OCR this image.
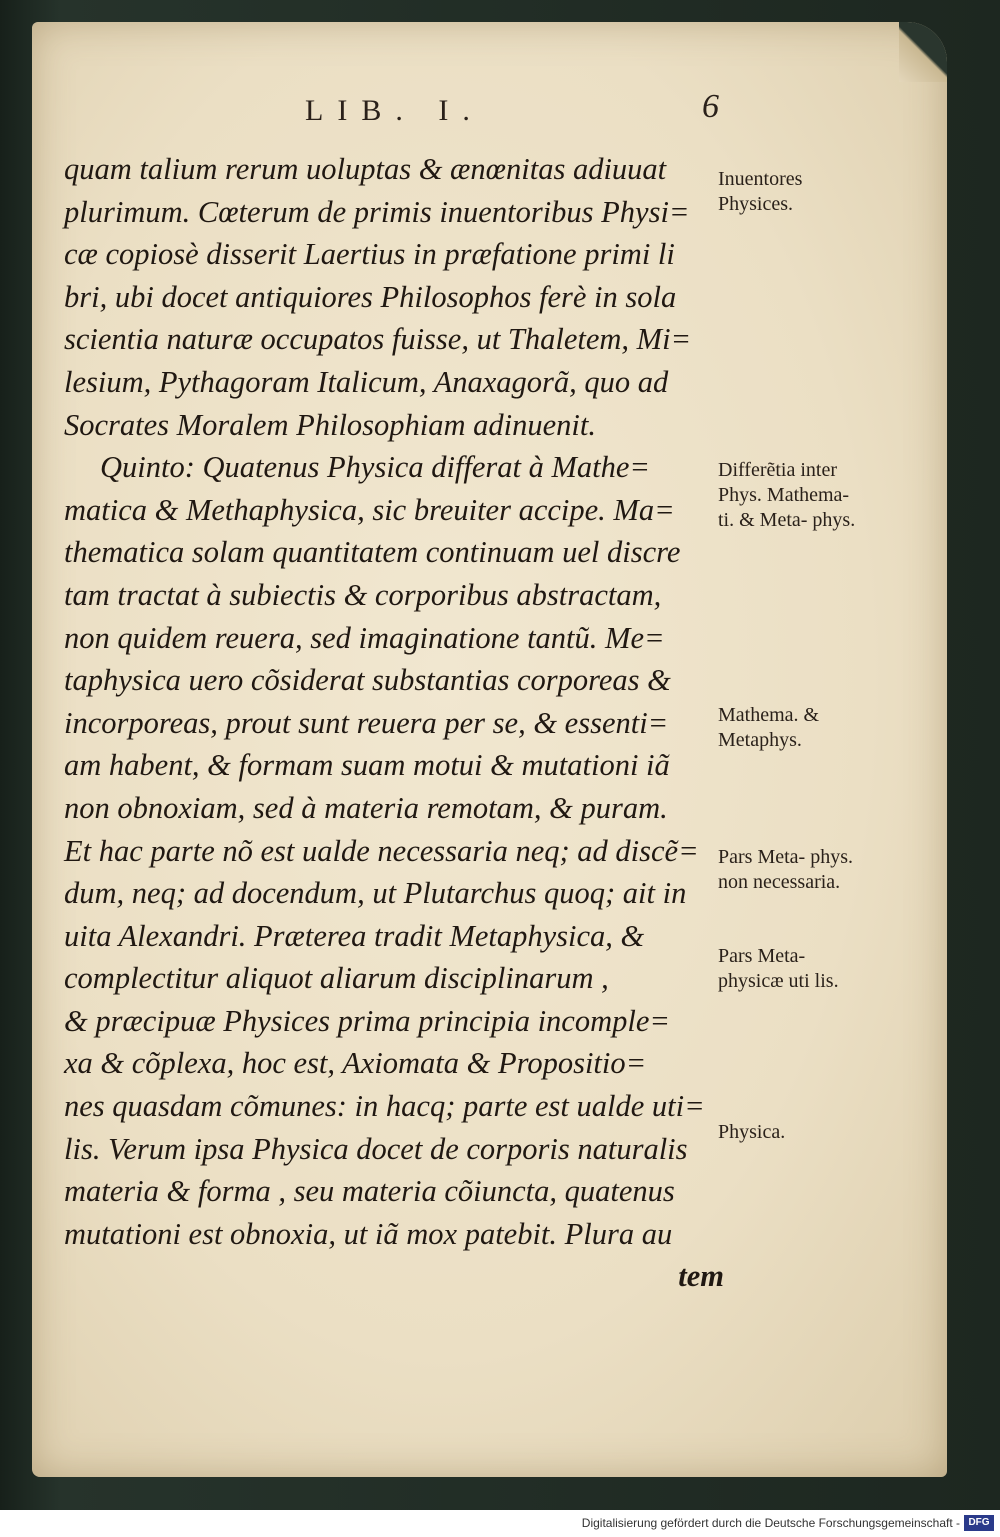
LIB. I.	6
quam talium rerum uoluptas & ænœnitas adiuuat
plurimum. Cœterum de primis inuentoribus Physi=
cæ copiosè disserit Laertius in præfatione primi li
bri, ubi docet antiquiores Philosophos ferè in sola
scientia naturæ occupatos fuisse, ut Thaletem, Mi=
lesium, Pythagoram Italicum, Anaxagorã, quo ad
Socrates Moralem Philosophiam adinuenit.
Quinto: Quatenus Physica differat à Mathe=
matica & Methaphysica, sic breuiter accipe. Ma=
thematica solam quantitatem continuam uel discre
tam tractat à subiectis & corporibus abstractam,
non quidem reuera, sed imaginatione tantũ. Me=
taphysica uero cõsiderat substantias corporeas &
incorporeas, prout sunt reuera per se, & essenti=
am habent, & formam suam motui & mutationi iã
non obnoxiam, sed à materia remotam, & puram.
Et hac parte nõ est ualde necessaria neq; ad discẽ=
dum, neq; ad docendum, ut Plutarchus quoq; ait in
uita Alexandri. Præterea tradit Metaphysica, &
complectitur aliquot aliarum disciplinarum ,
& præcipuæ Physices prima principia incomple=
xa & cõplexa, hoc est, Axiomata & Propositio=
nes quasdam cõmunes: in hacq; parte est ualde uti=
lis. Verum ipsa Physica docet de corporis naturalis
materia & forma , seu materia cõiuncta, quatenus
mutationi est obnoxia, ut iã mox patebit. Plura au
tem
Inuentores Physices.
Differẽtia inter Phys. Mathema- ti. & Meta- phys.
Mathema. & Metaphys.
Pars Meta- phys. non necessaria.
Pars Meta- physicæ uti lis.
Physica.
Digitalisierung gefördert durch die Deutsche Forschungsgemeinschaft - DFG
